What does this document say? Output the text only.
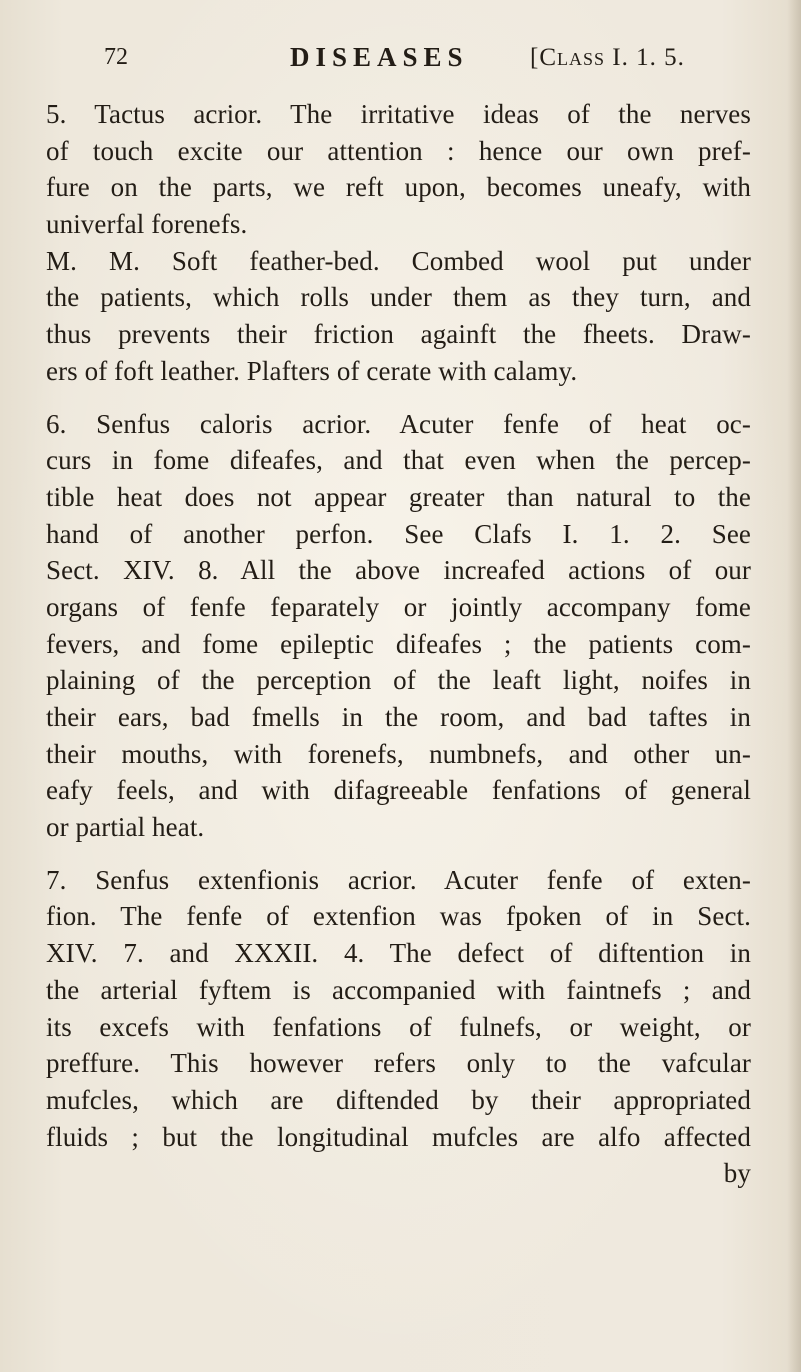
72	DISEASES [Class I. 1. 5.
5. Tactus acrior. The irritative ideas of the nerves
of touch excite our attention : hence our own pref-
fure on the parts, we reft upon, becomes uneafy, with
univerfal forenefs.
M. M. Soft feather-bed. Combed wool put under
the patients, which rolls under them as they turn, and
thus prevents their friction againft the fheets. Draw-
ers of foft leather. Plafters of cerate with calamy.
6. Senfus caloris acrior. Acuter fenfe of heat oc-
curs in fome difeafes, and that even when the percep-
tible heat does not appear greater than natural to the
hand of another perfon. See Clafs I. 1. 2. See
Sect. XIV. 8. All the above increafed actions of our
organs of fenfe feparately or jointly accompany fome
fevers, and fome epileptic difeafes ; the patients com-
plaining of the perception of the leaft light, noifes in
their ears, bad fmells in the room, and bad taftes in
their mouths, with forenefs, numbnefs, and other un-
eafy feels, and with difagreeable fenfations of general
or partial heat.
7. Senfus extenfionis acrior. Acuter fenfe of exten-
fion. The fenfe of extenfion was fpoken of in Sect.
XIV. 7. and XXXII. 4. The defect of diftention in
the arterial fyftem is accompanied with faintnefs ; and
its excefs with fenfations of fulnefs, or weight, or
preffure. This however refers only to the vafcular
mufcles, which are diftended by their appropriated
fluids ; but the longitudinal mufcles are alfo affected
by
